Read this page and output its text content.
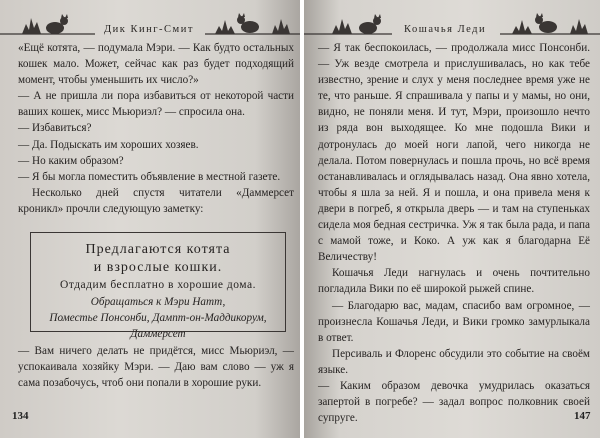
Дик Кинг-Смит

«Ещё котята, — подумала Мэри. — Как будто остальных кошек мало. Может, сейчас как раз будет подходящий момент, чтобы уменьшить их число?»

— А не пришла ли пора избавиться от некоторой части ваших кошек, мисс Мьюриэл? — спросила она.

— Избавиться?

— Да. Подыскать им хороших хозяев.

— Но каким образом?

— Я бы могла поместить объявление в местной газете.

Несколько дней спустя читатели «Даммерсет кроникл» прочли следующую заметку:

Предлагаются котята
и взрослые кошки.
Отдадим бесплатно в хорошие дома.
Обращаться к Мэри Натт,
Поместье Понсонби, Дампт-он-Маддикорум,
Даммерсет

— Вам ничего делать не придётся, мисс Мьюриэл, — успокаивала хозяйку Мэри. — Даю вам слово — уж я сама позабочусь, чтоб они попали в хорошие руки.

134
Кошачья Леди

— Я так беспокоилась, — продолжала мисс Понсонби. — Уж везде смотрела и прислушивалась, но как тебе известно, зрение и слух у меня последнее время уже не те, что раньше. Я спрашивала у папы и у мамы, но они, видно, не поняли меня. И тут, Мэри, произошло нечто из ряда вон выходящее. Ко мне подошла Вики и дотронулась до моей ноги лапой, чего никогда не делала. Потом повернулась и пошла прочь, но всё время останавливалась и оглядывалась назад. Она явно хотела, чтобы я шла за ней. Я и пошла, и она привела меня к двери в погреб, я открыла дверь — и там на ступеньках сидела моя бедная сестричка. Уж я так была рада, и папа с мамой тоже, и Коко. А уж как я благодарна Её Величеству!

Кошачья Леди нагнулась и очень почтительно погладила Вики по её широкой рыжей спине.

— Благодарю вас, мадам, спасибо вам огромное, — произнесла Кошачья Леди, и Вики громко замурлыкала в ответ.

Персиваль и Флоренс обсудили это событие на своём языке.

— Каким образом девочка умудрилась оказаться запертой в погребе? — задал вопрос полковник своей супруге.	147
